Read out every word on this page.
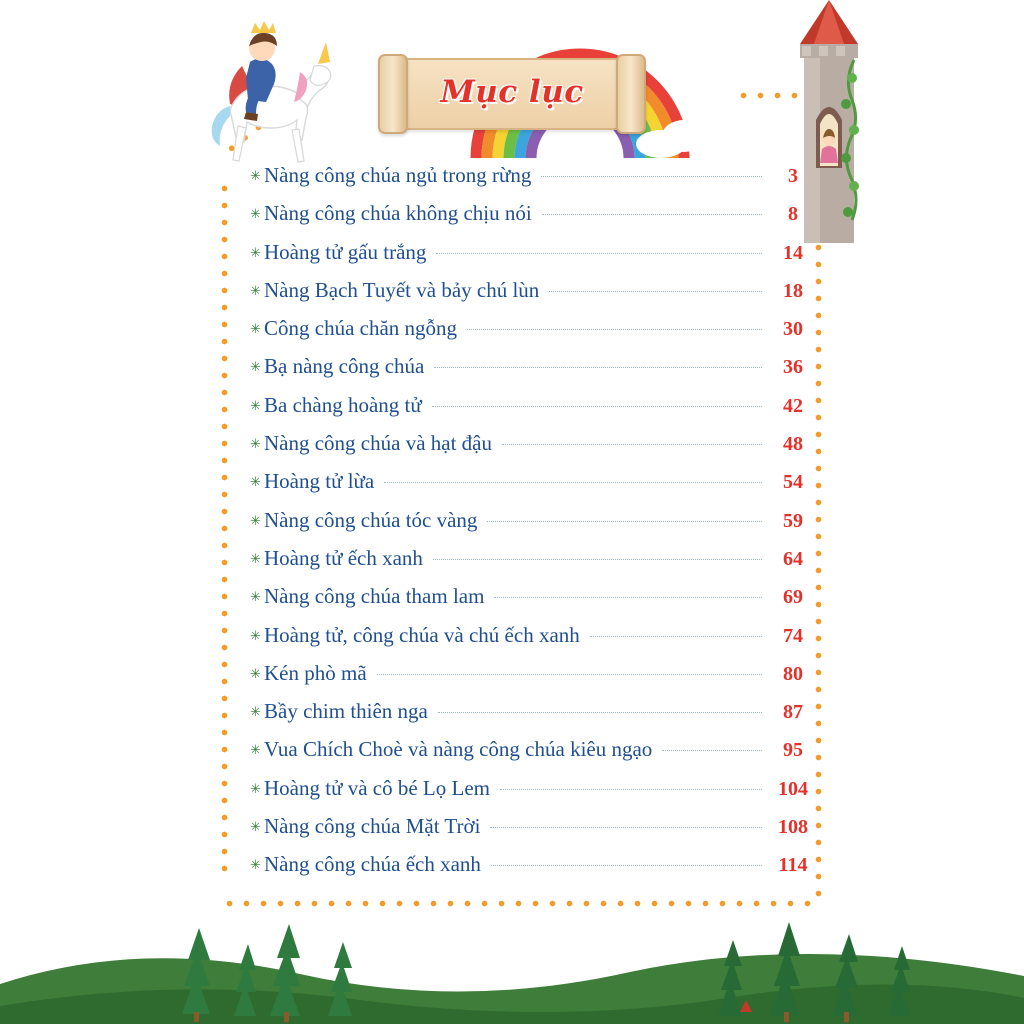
Mục lục
✳ Nàng công chúa ngủ trong rừng	3
✳ Nàng công chúa không chịu nói	8
✳ Hoàng tử gấu trắng	14
✳ Nàng Bạch Tuyết và bảy chú lùn	18
✳ Công chúa chăn ngỗng	30
✳ Bạ nàng công chúa	36
✳ Ba chàng hoàng tử	42
✳ Nàng công chúa và hạt đậu	48
✳ Hoàng tử lừa	54
✳ Nàng công chúa tóc vàng	59
✳ Hoàng tử ếch xanh	64
✳ Nàng công chúa tham lam	69
✳ Hoàng tử, công chúa và chú ếch xanh	74
✳ Kén phò mã	80
✳ Bầy chim thiên nga	87
✳ Vua Chích Choè và nàng công chúa kiêu ngạo	95
✳ Hoàng tử và cô bé Lọ Lem	104
✳ Nàng công chúa Mặt Trời	108
✳ Nàng công chúa ếch xanh	114
